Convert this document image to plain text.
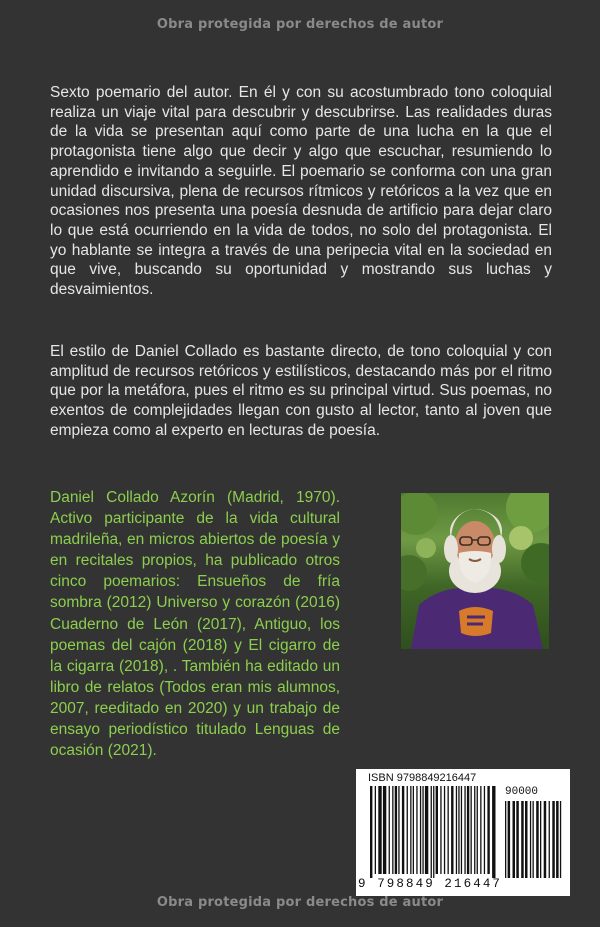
Obra protegida por derechos de autor

Sexto poemario del autor. En él y con su acostumbrado tono coloquial realiza un viaje vital para descubrir y descubrirse. Las realidades duras de la vida se presentan aquí como parte de una lucha en la que el protagonista tiene algo que decir y algo que escuchar, resumiendo lo aprendido e invitando a seguirle. El poemario se conforma con una gran unidad discursiva, plena de recursos rítmicos y retóricos a la vez que en ocasiones nos presenta una poesía desnuda de artificio para dejar claro lo que está ocurriendo en la vida de todos, no solo del protagonista. El yo hablante se integra a través de una peripecia vital en la sociedad en que vive, buscando su oportunidad y mostrando sus luchas y desvaimientos.

El estilo de Daniel Collado es bastante directo, de tono coloquial y con amplitud de recursos retóricos y estilísticos, destacando más por el ritmo que por la metáfora, pues el ritmo es su principal virtud. Sus poemas, no exentos de complejidades llegan con gusto al lector, tanto al joven que empieza como al experto en lecturas de poesía.

Daniel Collado Azorín (Madrid, 1970). Activo participante de la vida cultural madrileña, en micros abiertos de poesía y en recitales propios, ha publicado otros cinco poemarios: Ensueños de fría sombra (2012) Universo y corazón (2016) Cuaderno de León (2017), Antiguo, los poemas del cajón (2018) y El cigarro de la cigarra (2018), . También ha editado un libro de relatos (Todos eran mis alumnos, 2007, reeditado en 2020) y un trabajo de ensayo periodístico titulado Lenguas de ocasión (2021).

ISBN 9798849216447
90000
9 798849 216447
Obra protegida por derechos de autor
